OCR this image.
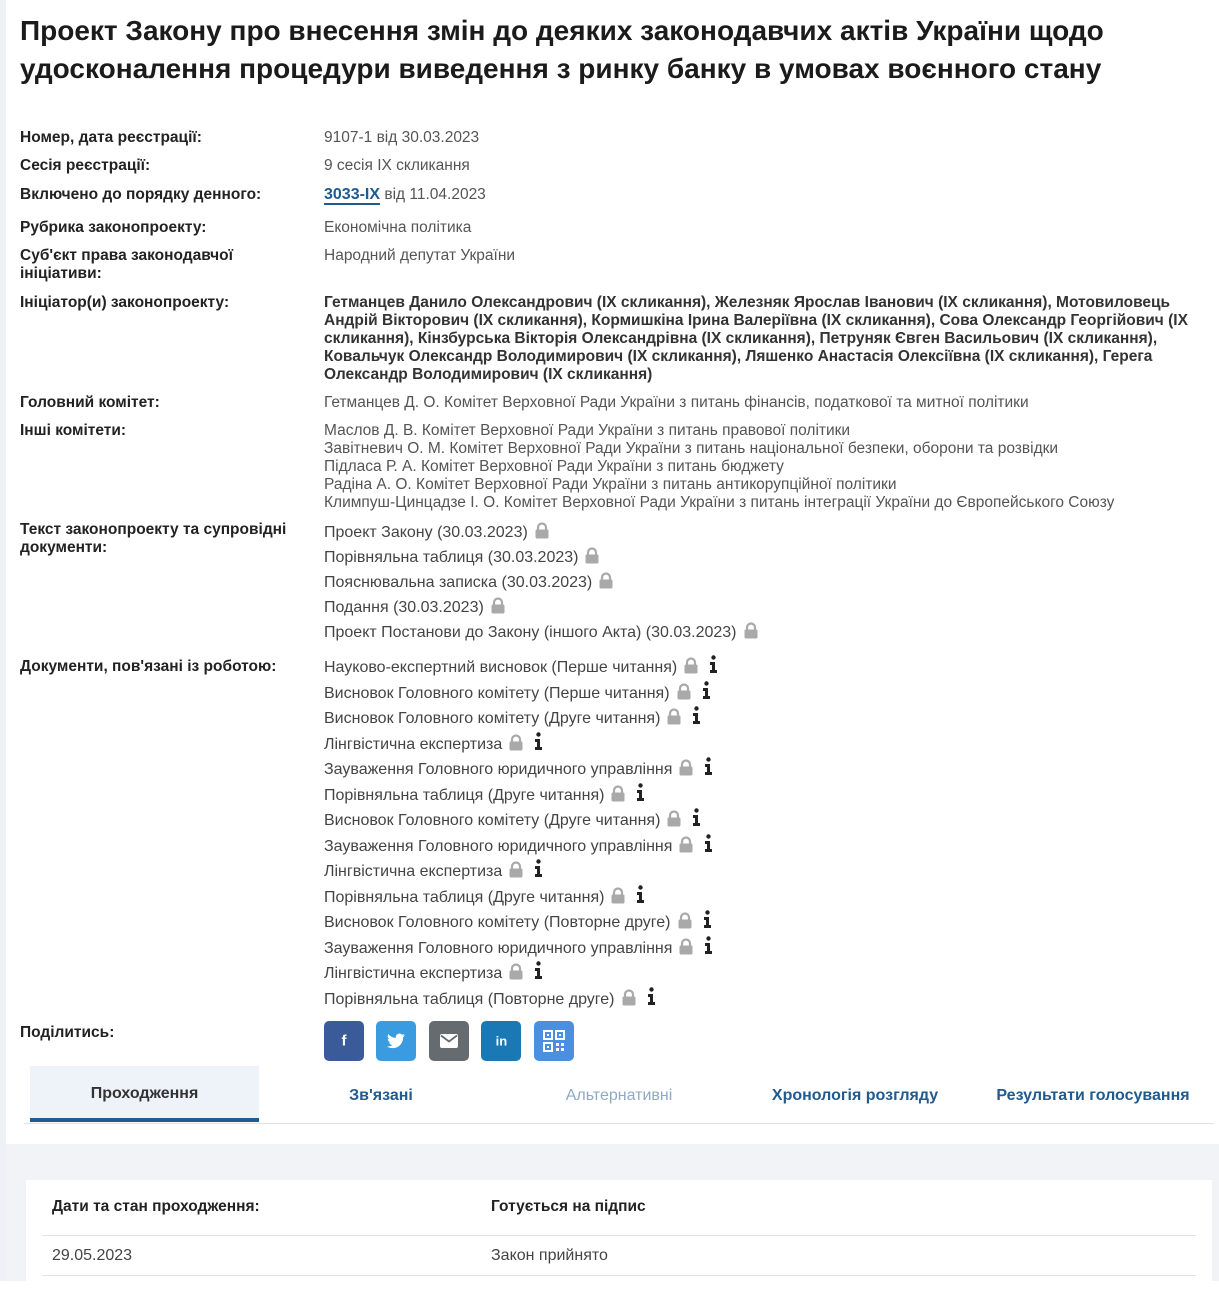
Проект Закону про внесення змін до деяких законодавчих актів України щодо удосконалення процедури виведення з ринку банку в умовах воєнного стану
Номер, дата реєстрації:	9107-1 від 30.03.2023
Сесія реєстрації:	9 сесія IX скликання
Включено до порядку денного:	3033-IX від 11.04.2023
Рубрика законопроекту:	Економічна політика
Суб'єкт права законодавчої ініціативи:
Народний депутат України
Ініціатор(и) законопроекту:	Гетманцев Данило Олександрович (IX скликання), Железняк Ярослав Іванович (IX скликання), Мотовиловець Андрій Вікторович (IX скликання), Кормишкіна Ірина Валеріївна (IX скликання), Сова Олександр Георгійович (IX скликання), Кінзбурська Вікторія Олександрівна (IX скликання), Петруняк Євген Васильович (IX скликання), Ковальчук Олександр Володимирович (IX скликання), Ляшенко Анастасія Олексіївна (IX скликання), Герега Олександр Володимирович (IX скликання)
Головний комітет:	Гетманцев Д. О. Комітет Верховної Ради України з питань фінансів, податкової та митної політики
Інші комітети:	Маслов Д. В. Комітет Верховної Ради України з питань правової політики
Завітневич О. М. Комітет Верховної Ради України з питань національної безпеки, оборони та розвідки
Підласа Р. А. Комітет Верховної Ради України з питань бюджету
Радіна А. О. Комітет Верховної Ради України з питань антикорупційної політики
Климпуш-Цинцадзе І. О. Комітет Верховної Ради України з питань інтеграції України до Європейського Союзу
Текст законопроекту та супровідні документи:
Проект Закону (30.03.2023)
Порівняльна таблиця (30.03.2023)
Пояснювальна записка (30.03.2023)
Подання (30.03.2023)
Проект Постанови до Закону (іншого Акта) (30.03.2023)
Документи, пов'язані із роботою:	Науково-експертний висновок (Перше читання)
Висновок Головного комітету (Перше читання)
Висновок Головного комітету (Друге читання)
Лінгвістична експертиза
Зауваження Головного юридичного управління
Порівняльна таблиця (Друге читання)
Висновок Головного комітету (Друге читання)
Зауваження Головного юридичного управління
Лінгвістична експертиза
Порівняльна таблиця (Друге читання)
Висновок Головного комітету (Повторне друге)
Зауваження Головного юридичного управління
Лінгвістична експертиза
Порівняльна таблиця (Повторне друге)
Поділитись:	f

	in

Проходження	Зв'язані	Альтернативні	Хронологія розгляду	Результати голосування
Дати та стан проходження:	Готується на підпис
29.05.2023	Закон прийнято
